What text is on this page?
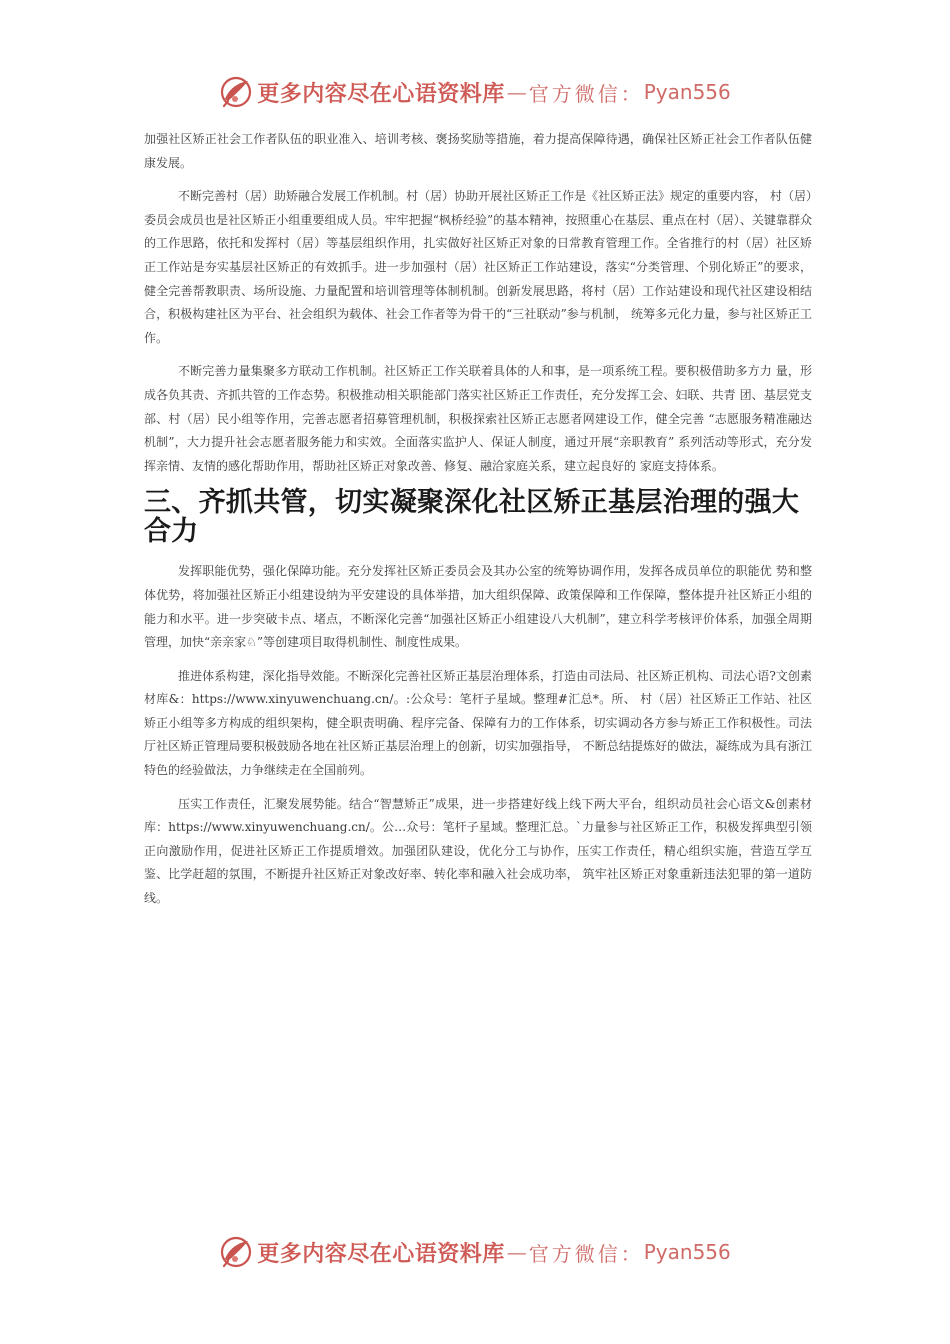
更多内容尽在心语资料库 — 官方微信： Pyan556

加强社区矫正社会工作者队伍的职业准入、培训考核、褒扬奖励等措施，着力提高保障待遇，确保社区矫正社会工作者队伍健康发展。

不断完善村（居）助矫融合发展工作机制。村（居）协助开展社区矫正工作是《社区矫正法》规定的重要内容， 村（居）委员会成员也是社区矫正小组重要组成人员。牢牢把握“枫桥经验”的基本精神，按照重心在基层、重点在村（居）、关键靠群众的工作思路，依托和发挥村（居）等基层组织作用，扎实做好社区矫正对象的日常教育管理工作。全省推行的村（居）社区矫正工作站是夯实基层社区矫正的有效抓手。进一步加强村（居）社区矫正工作站建设，落实“分类管理、个别化矫正”的要求，健全完善帮教职责、场所设施、力量配置和培训管理等体制机制。创新发展思路，将村（居）工作站建设和现代社区建设相结合，积极构建社区为平台、社会组织为载体、社会工作者等为骨干的“三社联动”参与机制， 统筹多元化力量，参与社区矫正工作。

不断完善力量集聚多方联动工作机制。社区矫正工作关联着具体的人和事，是一项系统工程。要积极借助多方力 量，形成各负其责、齐抓共管的工作态势。积极推动相关职能部门落实社区矫正工作责任，充分发挥工会、妇联、共青 团、基层党支部、村（居）民小组等作用，完善志愿者招募管理机制，积极探索社区矫正志愿者网建设工作，健全完善 “志愿服务精准融达机制”，大力提升社会志愿者服务能力和实效。全面落实监护人、保证人制度，通过开展“亲职教育” 系列活动等形式，充分发挥亲情、友情的感化帮助作用，帮助社区矫正对象改善、修复、融洽家庭关系，建立起良好的 家庭支持体系。

三、齐抓共管，切实凝聚深化社区矫正基层治理的强大合力

发挥职能优势，强化保障功能。充分发挥社区矫正委员会及其办公室的统筹协调作用，发挥各成员单位的职能优 势和整体优势，将加强社区矫正小组建设纳为平安建设的具体举措，加大组织保障、政策保障和工作保障，整体提升社区矫正小组的能力和水平。进一步突破卡点、堵点，不断深化完善“加强社区矫正小组建设八大机制”，建立科学考核评价体系，加强全周期管理，加快“亲亲家♘”等创建项目取得机制性、制度性成果。

推进体系构建，深化指导效能。不断深化完善社区矫正基层治理体系，打造由司法局、社区矫正机构、司法心语?文创素材库&：https://www.xinyuwenchuang.cn/。:公众号：笔杆子星域。整理#汇总*。所、 村（居）社区矫正工作站、社区矫正小组等多方构成的组织架构，健全职责明确、程序完备、保障有力的工作体系，切实调动各方参与矫正工作积极性。司法厅社区矫正管理局要积极鼓励各地在社区矫正基层治理上的创新，切实加强指导， 不断总结提炼好的做法，凝练成为具有浙江特色的经验做法，力争继续走在全国前列。

压实工作责任，汇聚发展势能。结合“智慧矫正”成果，进一步搭建好线上线下两大平台，组织动员社会心语文&创素材库：https://www.xinyuwenchuang.cn/。公…众号：笔杆子星域。整理汇总。`力量参与社区矫正工作，积极发挥典型引领正向激励作用，促进社区矫正工作提质增效。加强团队建设，优化分工与协作，压实工作责任，精心组织实施，营造互学互鉴、比学赶超的氛围，不断提升社区矫正对象改好率、转化率和融入社会成功率， 筑牢社区矫正对象重新违法犯罪的第一道防线。

更多内容尽在心语资料库 — 官方微信： Pyan556
